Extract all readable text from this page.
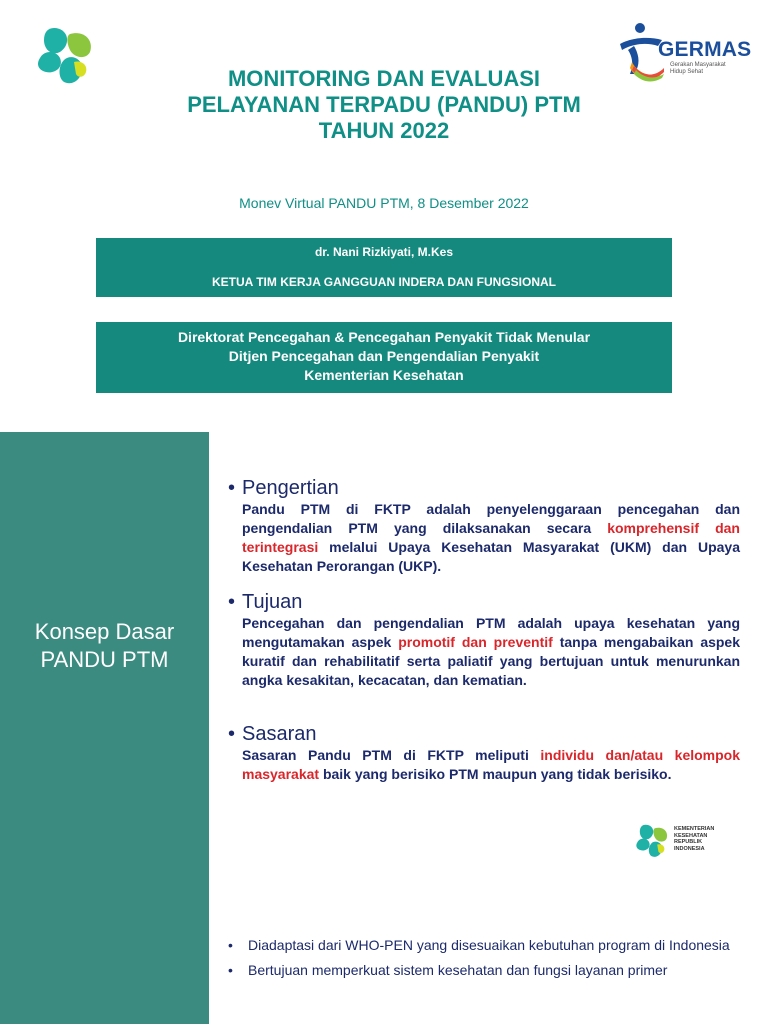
GERMAS
Gerakan Masyarakat
Hidup Sehat
MONITORING DAN EVALUASI
PELAYANAN TERPADU (PANDU) PTM
TAHUN 2022
Monev Virtual PANDU PTM, 8 Desember 2022
dr. Nani Rizkiyati, M.Kes
KETUA TIM KERJA GANGGUAN INDERA DAN FUNGSIONAL
Direktorat Pencegahan & Pencegahan Penyakit Tidak Menular
Ditjen Pencegahan dan Pengendalian Penyakit
Kementerian Kesehatan
Konsep Dasar
PANDU PTM
• Pengertian
Pandu PTM di FKTP adalah penyelenggaraan pencegahan dan pengendalian PTM yang dilaksanakan secara komprehensif dan terintegrasi melalui Upaya Kesehatan Masyarakat (UKM) dan Upaya Kesehatan Perorangan (UKP).
• Tujuan
Pencegahan dan pengendalian PTM adalah upaya kesehatan yang mengutamakan aspek promotif dan preventif tanpa mengabaikan aspek kuratif dan rehabilitatif serta paliatif yang bertujuan untuk menurunkan angka kesakitan, kecacatan, dan kematian.
• Sasaran
Sasaran Pandu PTM di FKTP meliputi individu dan/atau kelompok masyarakat baik yang berisiko PTM maupun yang tidak berisiko.
KEMENTERIAN
KESEHATAN
REPUBLIK
INDONESIA
•	Diadaptasi dari WHO-PEN yang disesuaikan kebutuhan program di Indonesia
•	Bertujuan memperkuat sistem kesehatan dan fungsi layanan primer
